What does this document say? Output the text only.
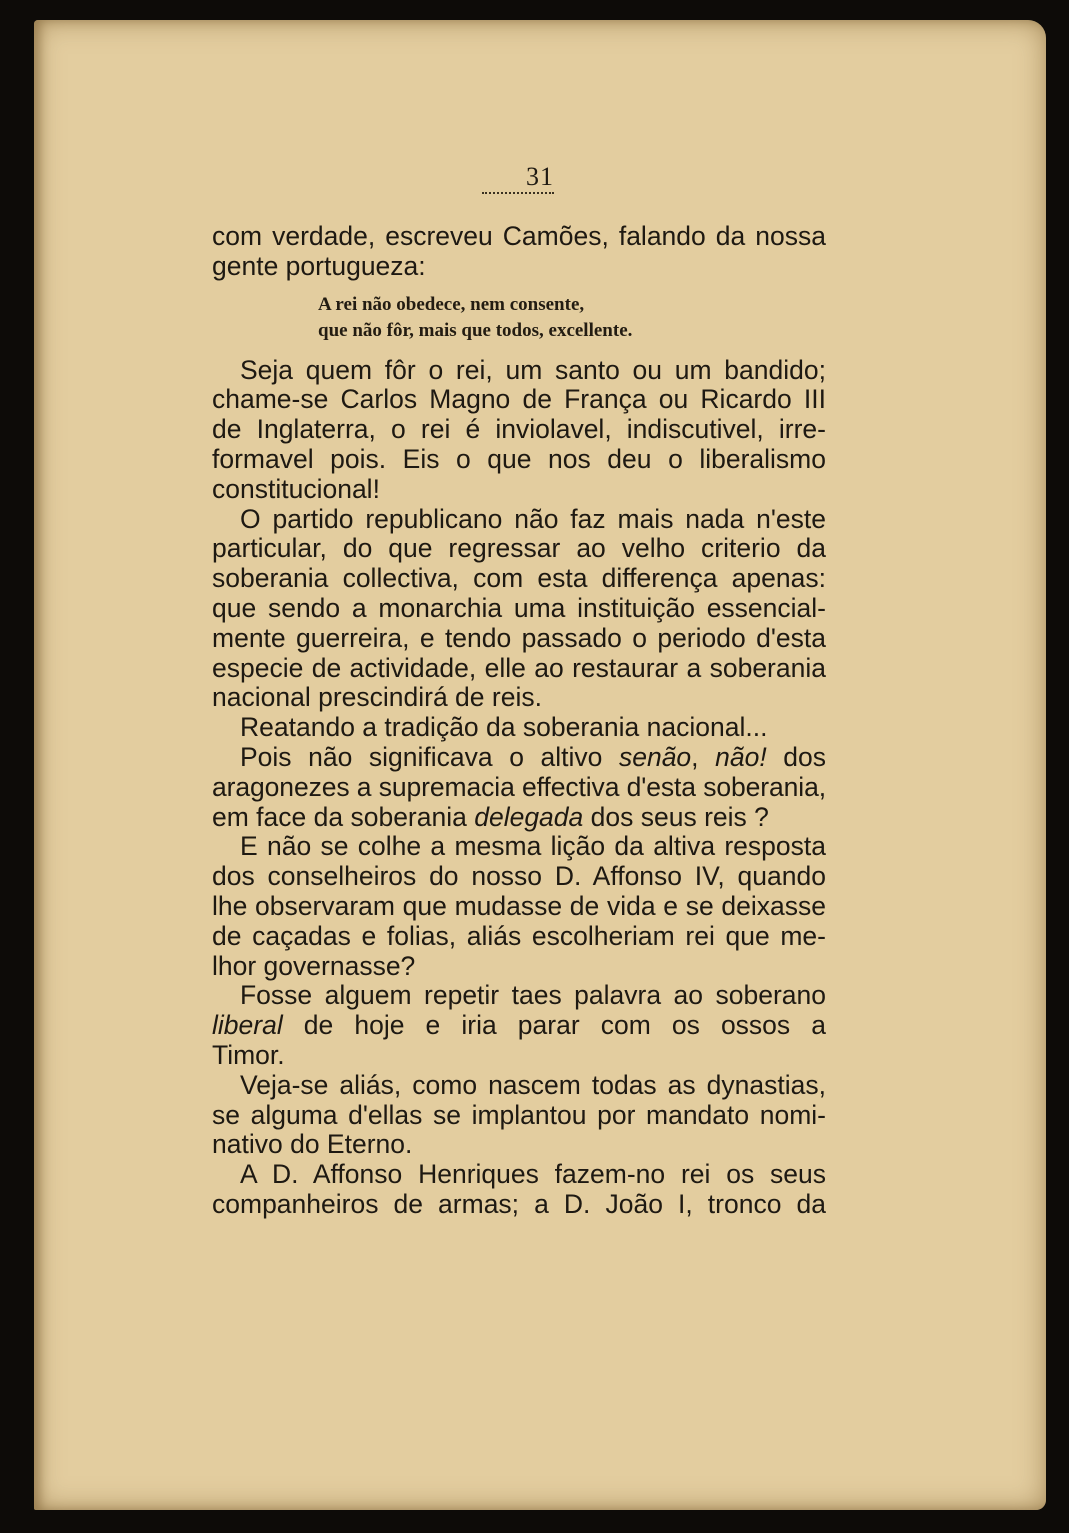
31
com verdade, escreveu Camões, falando da nossa
gente portugueza:
A rei não obedece, nem consente,
que não fôr, mais que todos, excellente.
Seja quem fôr o rei, um santo ou um bandido;
chame-se Carlos Magno de França ou Ricardo III
de Inglaterra, o rei é inviolavel, indiscutivel, irre-
formavel pois. Eis o que nos deu o liberalismo
constitucional!
O partido republicano não faz mais nada n'este
particular, do que regressar ao velho criterio da
soberania collectiva, com esta differença apenas:
que sendo a monarchia uma instituição essencial-
mente guerreira, e tendo passado o periodo d'esta
especie de actividade, elle ao restaurar a soberania
nacional prescindirá de reis.
Reatando a tradição da soberania nacional...
Pois não significava o altivo senão, não! dos
aragonezes a supremacia effectiva d'esta soberania,
em face da soberania delegada dos seus reis ?
E não se colhe a mesma lição da altiva resposta
dos conselheiros do nosso D. Affonso IV, quando
lhe observaram que mudasse de vida e se deixasse
de caçadas e folias, aliás escolheriam rei que me-
lhor governasse?
Fosse alguem repetir taes palavra ao soberano
liberal de hoje e iria parar com os ossos a
Timor.
Veja-se aliás, como nascem todas as dynastias,
se alguma d'ellas se implantou por mandato nomi-
nativo do Eterno.
A D. Affonso Henriques fazem-no rei os seus
companheiros de armas; a D. João I, tronco da
